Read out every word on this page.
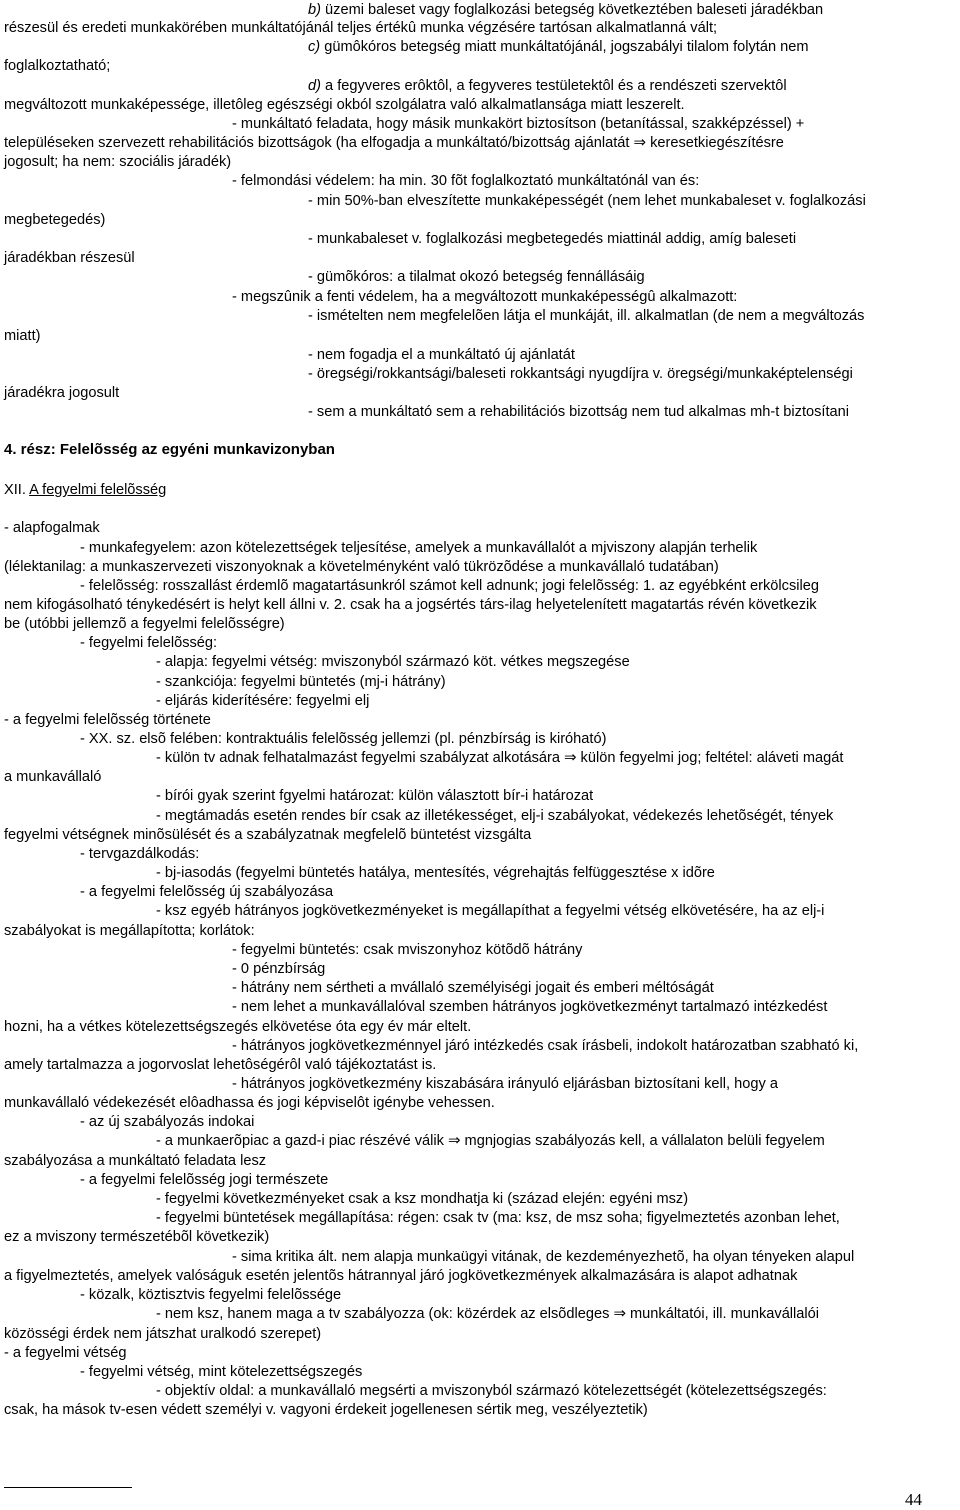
b) üzemi baleset vagy foglalkozási betegség következtében baleseti járadékban
részesül és eredeti munkakörében munkáltatójánál teljes értékû munka végzésére tartósan alkalmatlanná vált;
c) gümôkóros betegség miatt munkáltatójánál, jogszabályi tilalom folytán nem
foglalkoztatható;
d) a fegyveres erôktôl, a fegyveres testületektôl és a rendészeti szervektôl
megváltozott munkaképessége, illetôleg egészségi okból szolgálatra való alkalmatlansága miatt leszerelt.
- munkáltató feladata, hogy másik munkakört biztosítson (betanítással, szakképzéssel) +
településeken szervezett rehabilitációs bizottságok (ha elfogadja a munkáltató/bizottság ajánlatát ⇒ keresetkiegészítésre
jogosult; ha nem: szociális járadék)
- felmondási védelem: ha min. 30 fõt foglalkoztató munkáltatónál van és:
- min 50%-ban elveszítette munkaképességét (nem lehet munkabaleset v. foglalkozási
megbetegedés)
- munkabaleset v. foglalkozási megbetegedés miattinál addig, amíg baleseti
járadékban részesül
- gümõkóros: a tilalmat okozó betegség fennállásáig
- megszûnik a fenti védelem, ha a megváltozott munkaképességû alkalmazott:
- ismételten nem megfelelõen látja el munkáját, ill. alkalmatlan (de nem a megváltozás
miatt)
- nem fogadja el a munkáltató új ajánlatát
- öregségi/rokkantsági/baleseti rokkantsági nyugdíjra v. öregségi/munkaképtelenségi
járadékra jogosult
- sem a munkáltató sem a rehabilitációs bizottság nem tud alkalmas mh-t biztosítani
4. rész: Felelõsség az egyéni munkavizonyban
XII. A fegyelmi felelõsség
- alapfogalmak
- munkafegyelem: azon kötelezettségek teljesítése, amelyek a munkavállalót a mjviszony alapján terhelik
(lélektanilag: a munkaszervezeti viszonyoknak a követelményként való tükrözõdése a munkavállaló tudatában)
- felelõsség: rosszallást érdemlõ magatartásunkról számot kell adnunk; jogi felelõsség: 1. az egyébként erkölcsileg
nem kifogásolható ténykedésért is helyt kell állni v. 2. csak ha a jogsértés társ-ilag helyetelenített magatartás révén következik
be (utóbbi jellemzõ a fegyelmi felelõsségre)
- fegyelmi felelõsség:
- alapja: fegyelmi vétség: mviszonyból származó köt. vétkes megszegése
- szankciója: fegyelmi büntetés (mj-i hátrány)
- eljárás kiderítésére: fegyelmi elj
- a fegyelmi felelõsség története
- XX. sz. elsõ felében: kontraktuális felelõsség jellemzi (pl. pénzbírság is kiróható)
- külön tv adnak felhatalmazást fegyelmi szabályzat alkotására ⇒ külön fegyelmi jog; feltétel: aláveti magát
a munkavállaló
- bírói gyak szerint fgyelmi határozat: külön választott bír-i határozat
- megtámadás esetén rendes bír csak az illetékességet, elj-i szabályokat, védekezés lehetõségét, tények
fegyelmi vétségnek minõsülését és a szabályzatnak megfelelõ büntetést vizsgálta
- tervgazdálkodás:
- bj-iasodás (fegyelmi büntetés hatálya, mentesítés, végrehajtás felfüggesztése x idõre
- a fegyelmi felelõsség új szabályozása
- ksz egyéb hátrányos jogkövetkezményeket is megállapíthat a fegyelmi vétség elkövetésére, ha az elj-i
szabályokat is megállapította; korlátok:
- fegyelmi büntetés: csak mviszonyhoz kötõdõ hátrány
- 0 pénzbírság
- hátrány nem sértheti a mvállaló személyiségi jogait és emberi méltóságát
- nem lehet a munkavállalóval szemben hátrányos jogkövetkezményt tartalmazó intézkedést
hozni, ha a vétkes kötelezettségszegés elkövetése óta egy év már eltelt.
- hátrányos jogkövetkezménnyel járó intézkedés csak írásbeli, indokolt határozatban szabható ki,
amely tartalmazza a jogorvoslat lehetôségérôl való tájékoztatást is.
- hátrányos jogkövetkezmény kiszabására irányuló eljárásban biztosítani kell, hogy a
munkavállaló védekezését elôadhassa és jogi képviselôt igénybe vehessen.
- az új szabályozás indokai
- a munkaerõpiac a gazd-i piac részévé válik ⇒ mgnjogias szabályozás kell, a vállalaton belüli fegyelem
szabályozása a munkáltató feladata lesz
- a fegyelmi felelõsség jogi természete
- fegyelmi következményeket csak a ksz mondhatja ki (század elején: egyéni msz)
- fegyelmi büntetések megállapítása: régen: csak tv (ma: ksz, de msz soha; figyelmeztetés azonban lehet,
ez a mviszony természetébõl következik)
- sima kritika ált. nem alapja munkaügyi vitának, de kezdeményezhetõ, ha olyan tényeken alapul
a figyelmeztetés, amelyek valóságuk esetén jelentõs hátrannyal járó jogkövetkezmények alkalmazására is alapot adhatnak
- közalk, köztisztvis fegyelmi felelõssége
- nem ksz, hanem maga a tv szabályozza (ok: közérdek az elsõdleges ⇒ munkáltatói, ill. munkavállalói
közösségi érdek nem játszhat uralkodó szerepet)
- a fegyelmi vétség
- fegyelmi vétség, mint kötelezettségszegés
- objektív oldal: a munkavállaló megsérti a mviszonyból származó kötelezettségét (kötelezettségszegés:
csak, ha mások tv-esen védett személyi v. vagyoni érdekeit jogellenesen sértik meg, veszélyeztetik)
44
